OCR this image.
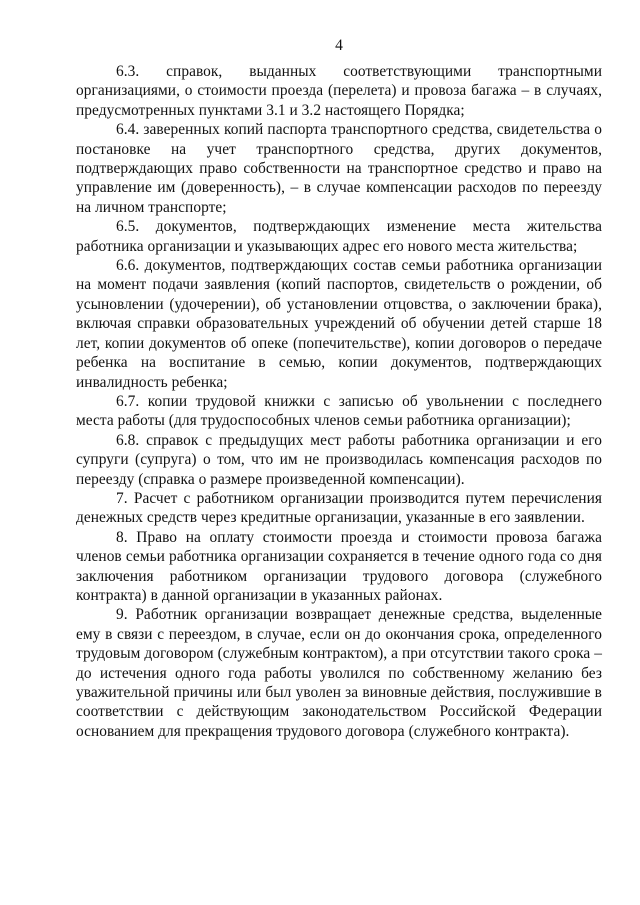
4

6.3. справок, выданных соответствующими транспортными организациями, о стоимости проезда (перелета) и провоза багажа – в случаях, предусмотренных пунктами 3.1 и 3.2 настоящего Порядка;

6.4. заверенных копий паспорта транспортного средства, свидетельства о постановке на учет транспортного средства, других документов, подтверждающих право собственности на транспортное средство и право на управление им (доверенность), – в случае компенсации расходов по переезду на личном транспорте;

6.5. документов, подтверждающих изменение места жительства работника организации и указывающих адрес его нового места жительства;

6.6. документов, подтверждающих состав семьи работника организации на момент подачи заявления (копий паспортов, свидетельств о рождении, об усыновлении (удочерении), об установлении отцовства, о заключении брака), включая справки образовательных учреждений об обучении детей старше 18 лет, копии документов об опеке (попечительстве), копии договоров о передаче ребенка на воспитание в семью, копии документов, подтверждающих инвалидность ребенка;

6.7. копии трудовой книжки с записью об увольнении с последнего места работы (для трудоспособных членов семьи работника организации);

6.8. справок с предыдущих мест работы работника организации и его супруги (супруга) о том, что им не производилась компенсация расходов по переезду (справка о размере произведенной компенсации).

7. Расчет с работником организации производится путем перечисления денежных средств через кредитные организации, указанные в его заявлении.

8. Право на оплату стоимости проезда и стоимости провоза багажа членов семьи работника организации сохраняется в течение одного года со дня заключения работником организации трудового договора (служебного контракта) в данной организации в указанных районах.

9. Работник организации возвращает денежные средства, выделенные ему в связи с переездом, в случае, если он до окончания срока, определенного трудовым договором (служебным контрактом), а при отсутствии такого срока – до истечения одного года работы уволился по собственному желанию без уважительной причины или был уволен за виновные действия, послужившие в соответствии с действующим законодательством Российской Федерации основанием для прекращения трудового договора (служебного контракта).
